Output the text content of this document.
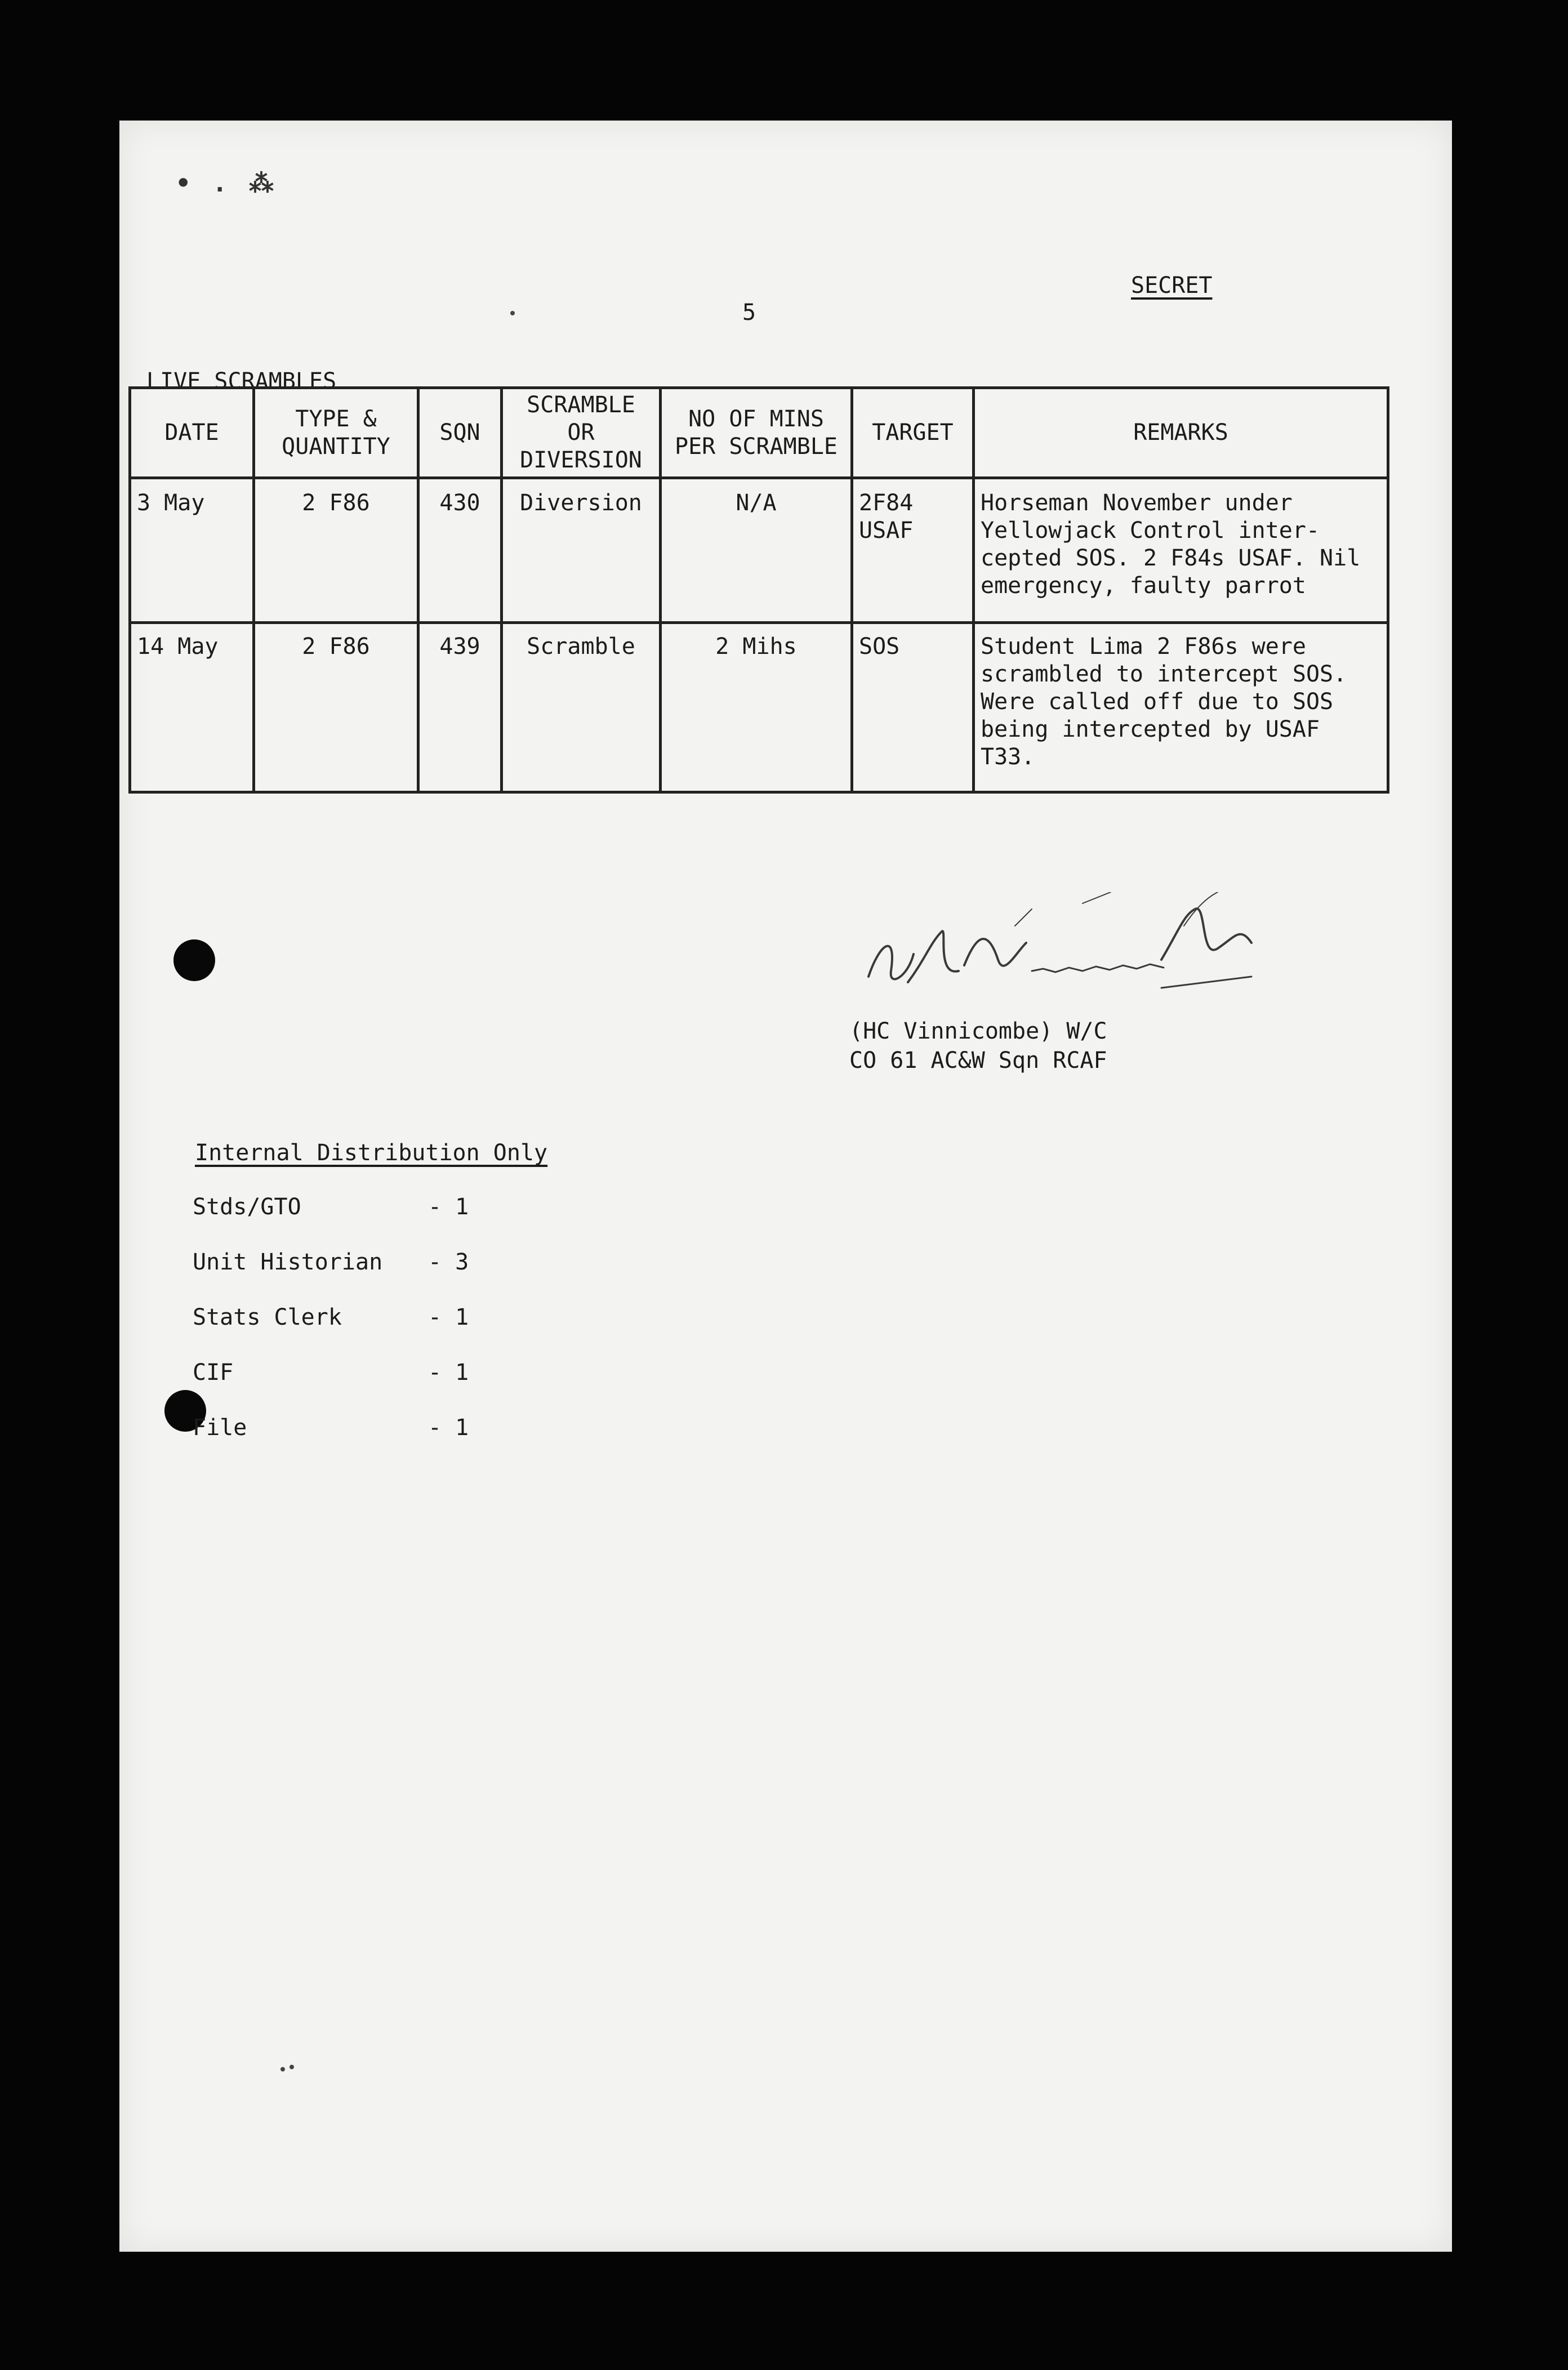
• . ⁂
5
SECRET
LIVE SCRAMBLES
DATE	TYPE & QUANTITY	SQN	SCRAMBLE OR DIVERSION	NO OF MINS PER SCRAMBLE	TARGET	REMARKS
3 May	2 F86	430	Diversion	N/A	2F84 USAF	Horseman November under Yellowjack Control inter- cepted SOS. 2 F84s USAF. Nil emergency, faulty parrot
14 May	2 F86	439	Scramble	2 Mihs	SOS	Student Lima 2 F86s were scrambled to intercept SOS. Were called off due to SOS being intercepted by USAF T33.
(HC Vinnicombe) W/C
CO 61 AC&W Sqn RCAF
Internal Distribution Only
Stds/GTO	- 1
Unit Historian - 3
Stats Clerk	- 1
CIF	- 1
File	- 1
